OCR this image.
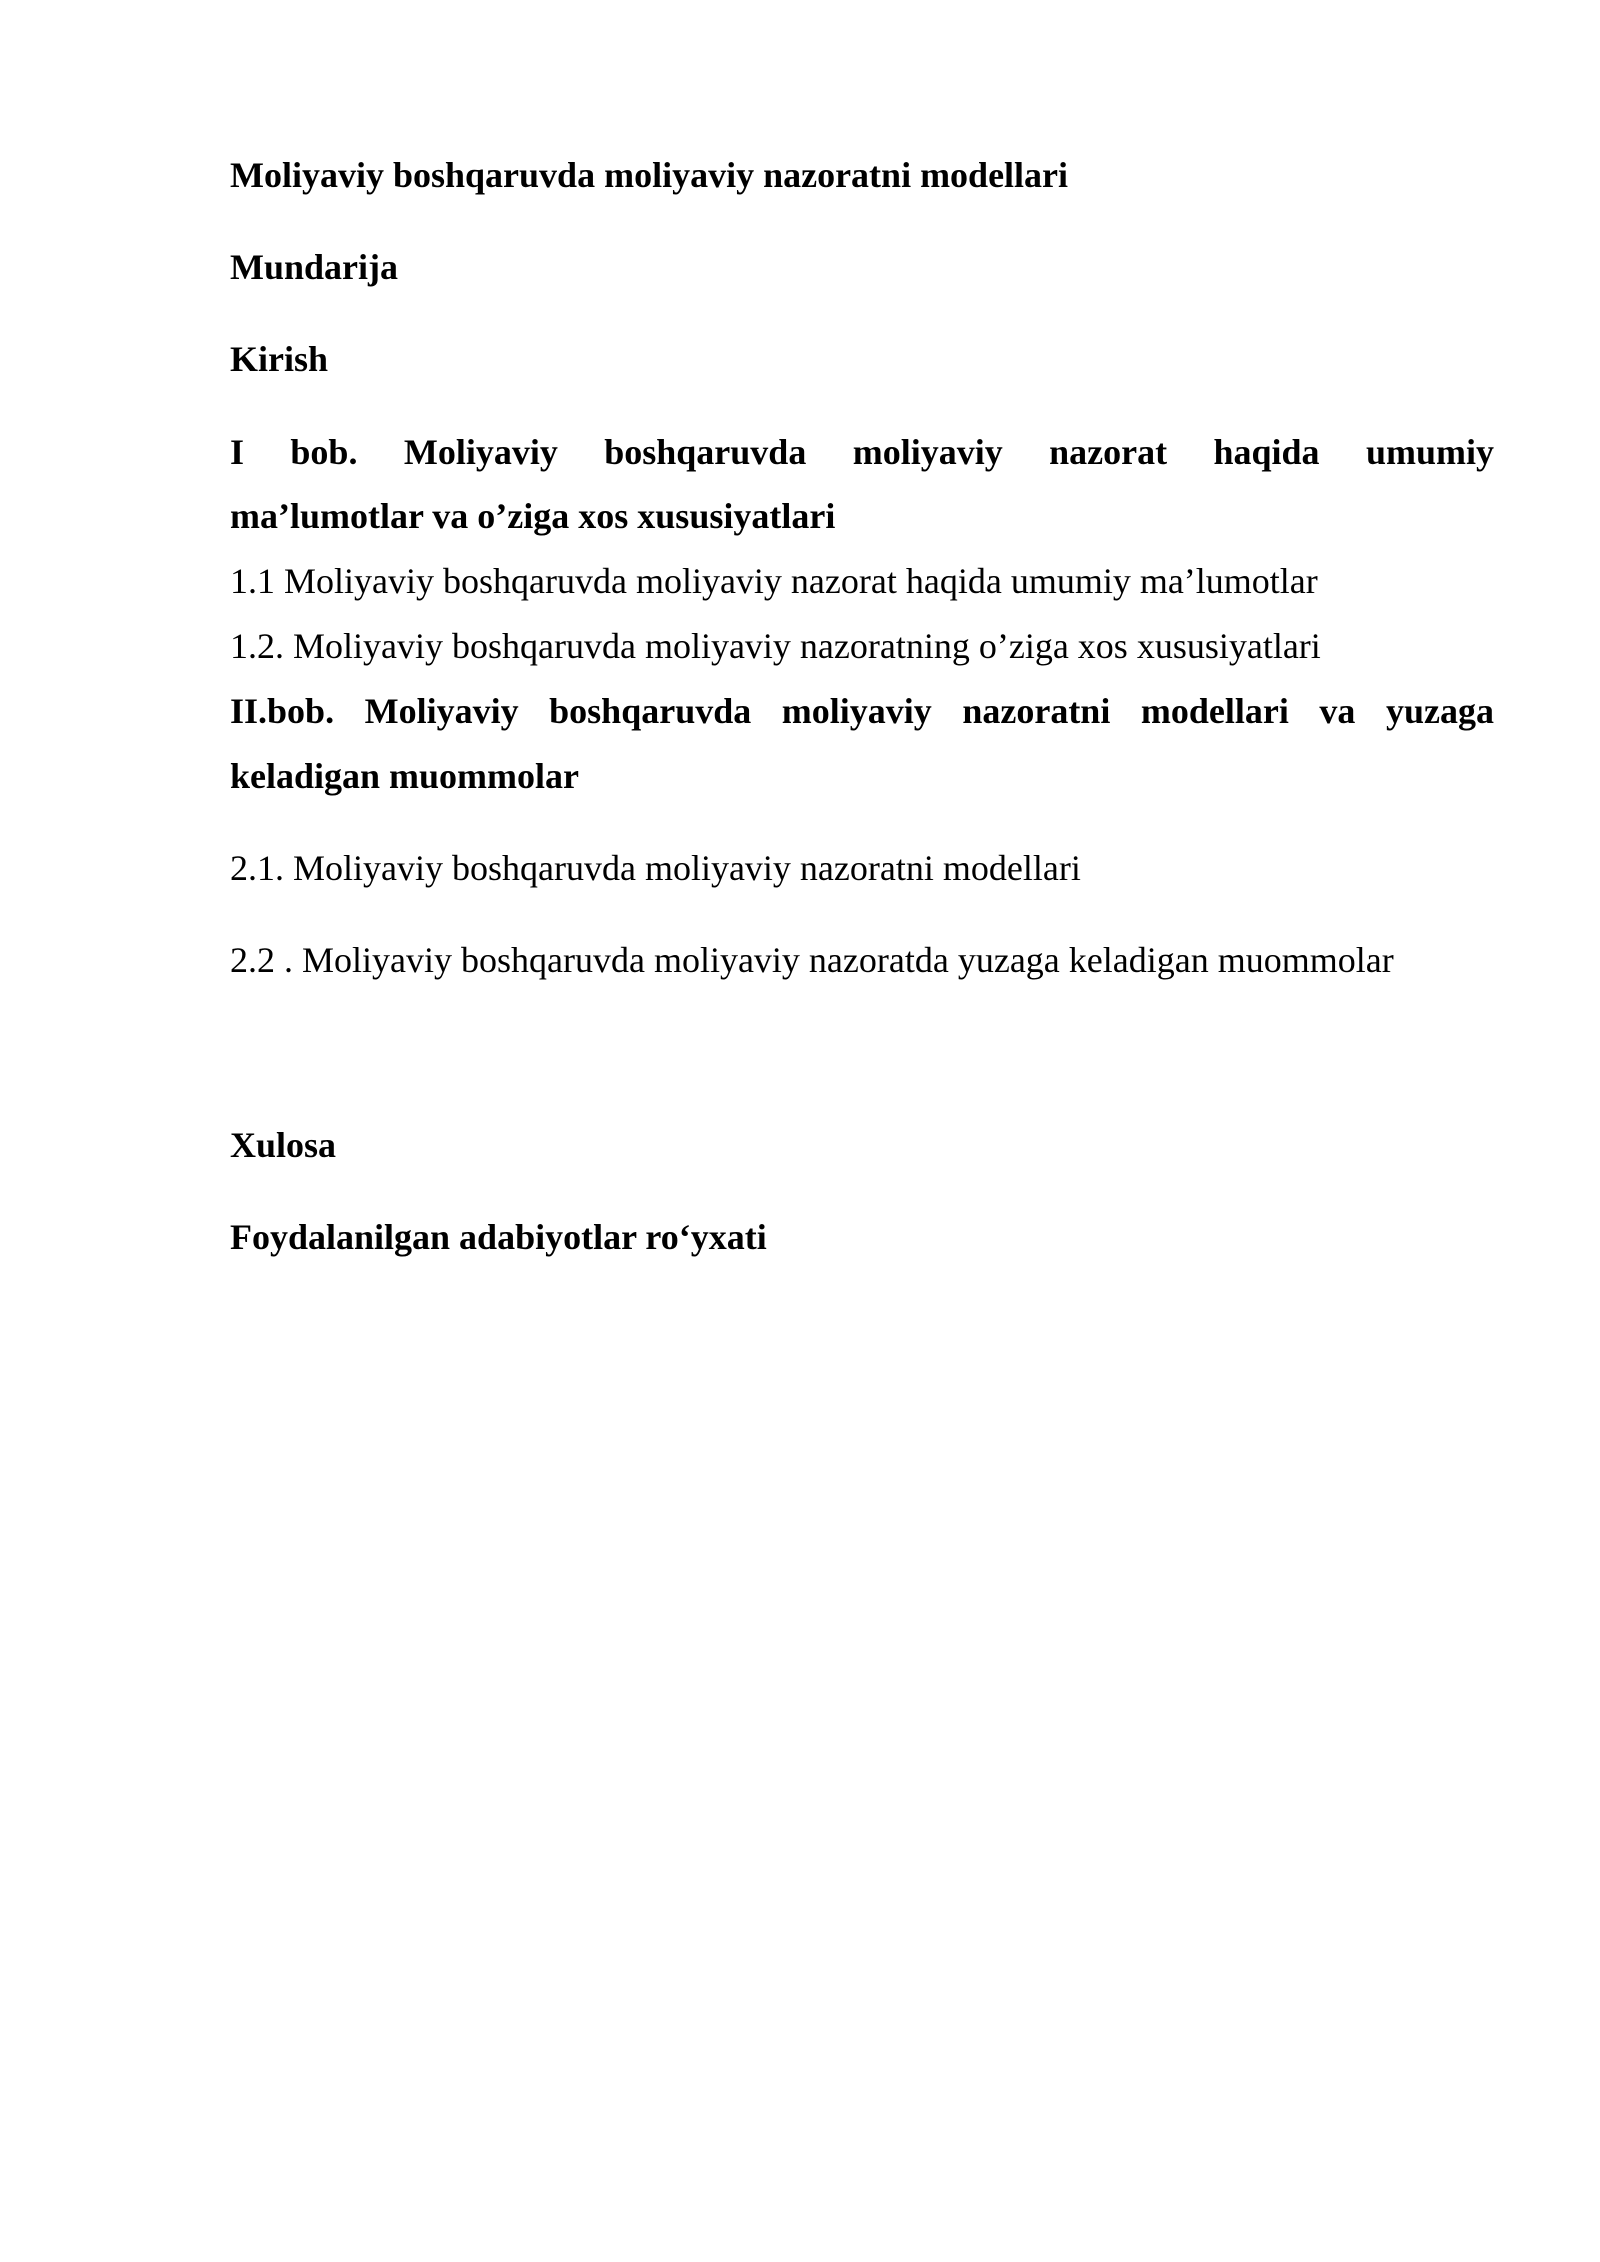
Moliyaviy boshqaruvda moliyaviy nazoratni modellari

Mundarija

Kirish

I bob. Moliyaviy boshqaruvda moliyaviy nazorat haqida umumiy

ma’lumotlar va o’ziga xos xususiyatlari

1.1 Moliyaviy boshqaruvda moliyaviy nazorat haqida umumiy ma’lumotlar

1.2. Moliyaviy boshqaruvda moliyaviy nazoratning o’ziga xos xususiyatlari

II.bob. Moliyaviy boshqaruvda moliyaviy nazoratni modellari va yuzaga

keladigan muommolar

2.1. Moliyaviy boshqaruvda moliyaviy nazoratni modellari

2.2 . Moliyaviy boshqaruvda moliyaviy nazoratda yuzaga keladigan muommolar

Xulosa

Foydalanilgan adabiyotlar ro‘yxati
